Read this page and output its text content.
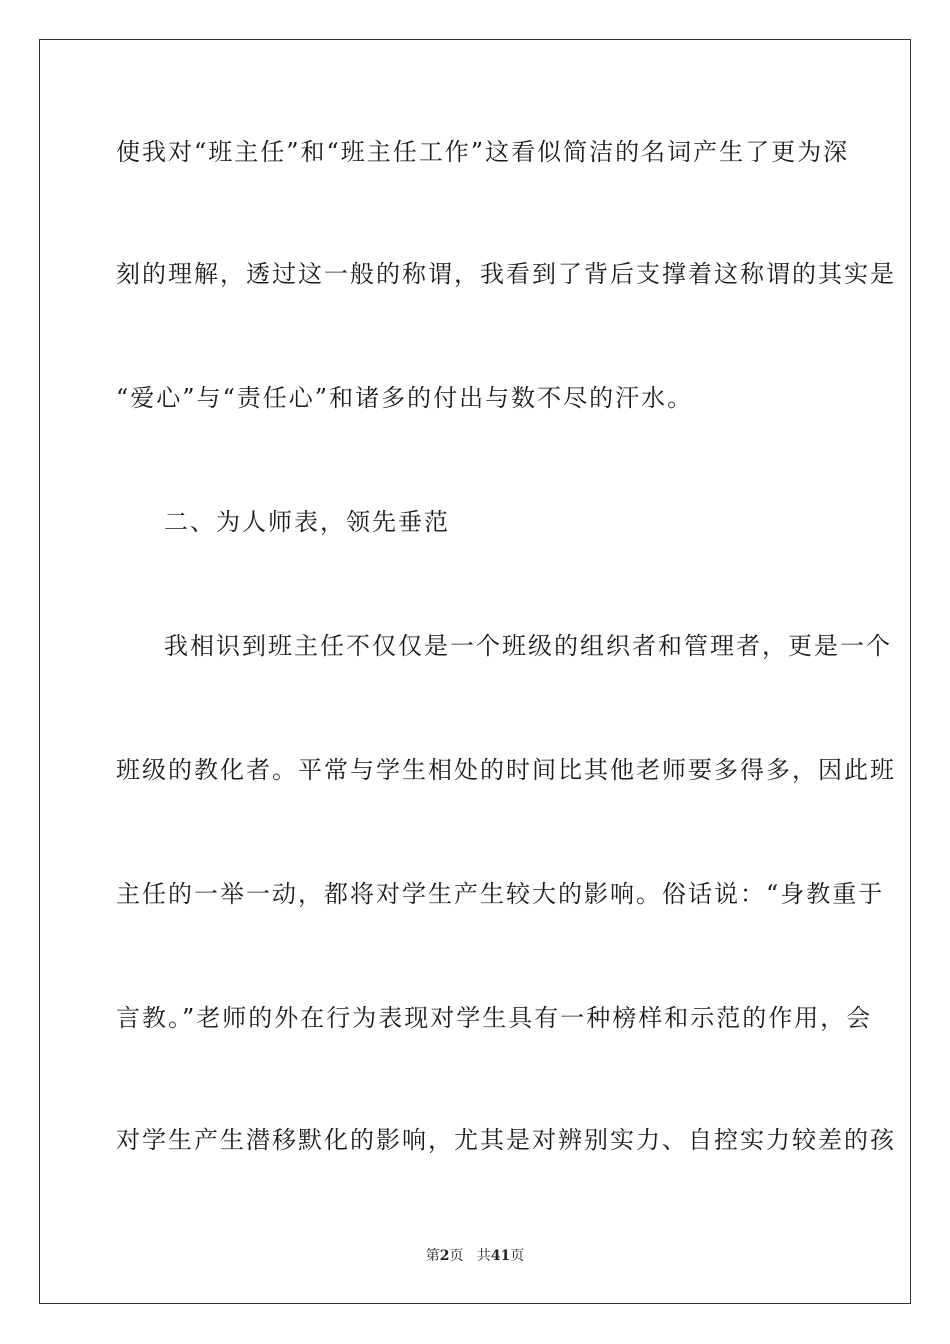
使我对“班主任”和“班主任工作”这看似简洁的名词产生了更为深
刻的理解，透过这一般的称谓，我看到了背后支撑着这称谓的其实是
“爱心”与“责任心”和诸多的付出与数不尽的汗水。
二、为人师表，领先垂范
我相识到班主任不仅仅是一个班级的组织者和管理者，更是一个
班级的教化者。平常与学生相处的时间比其他老师要多得多，因此班
主任的一举一动，都将对学生产生较大的影响。俗话说：“身教重于
言教。”老师的外在行为表现对学生具有一种榜样和示范的作用，会
对学生产生潜移默化的影响，尤其是对辨别实力、自控实力较差的孩
第2页 共41页
